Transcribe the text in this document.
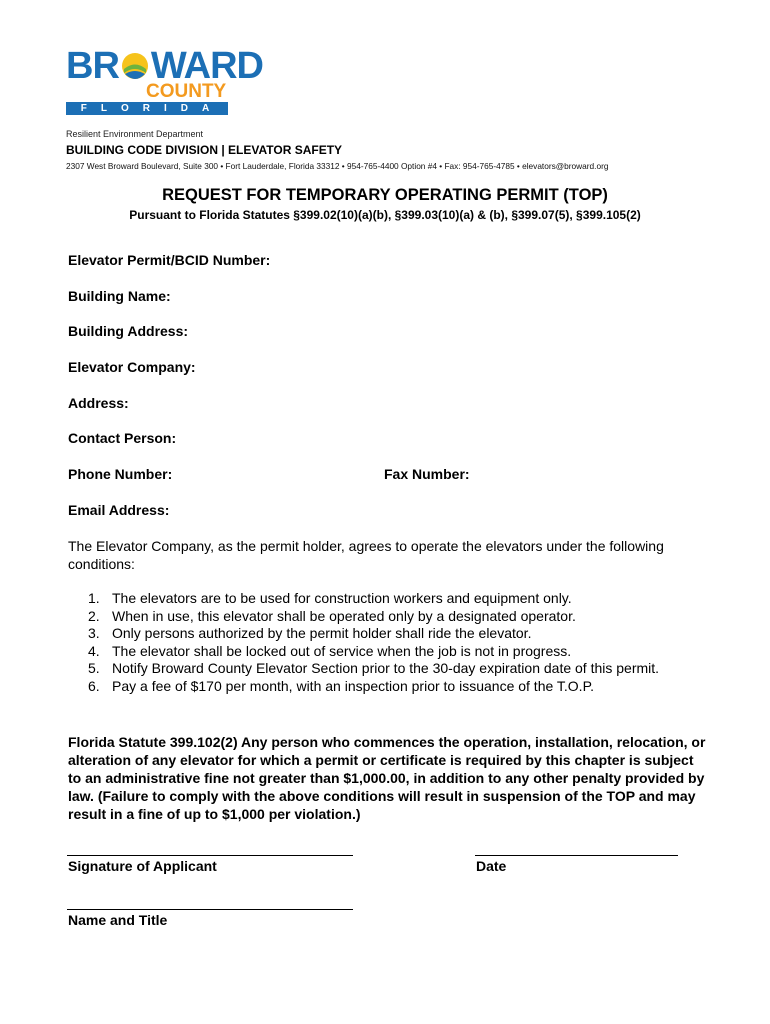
BR WARD
COUNTY
FLORIDA
Resilient Environment Department
BUILDING CODE DIVISION | ELEVATOR SAFETY
2307 West Broward Boulevard, Suite 300 • Fort Lauderdale, Florida 33312 • 954-765-4400 Option #4 • Fax: 954-765-4785 • elevators@broward.org
REQUEST FOR TEMPORARY OPERATING PERMIT (TOP)
Pursuant to Florida Statutes §399.02(10)(a)(b), §399.03(10)(a) & (b), §399.07(5), §399.105(2)
Elevator Permit/BCID Number:
Building Name:
Building Address:
Elevator Company:
Address:
Contact Person:
Phone Number:	Fax Number:
Email Address:
The Elevator Company, as the permit holder, agrees to operate the elevators under the following conditions:
1. The elevators are to be used for construction workers and equipment only.
2. When in use, this elevator shall be operated only by a designated operator.
3. Only persons authorized by the permit holder shall ride the elevator.
4. The elevator shall be locked out of service when the job is not in progress.
5. Notify Broward County Elevator Section prior to the 30-day expiration date of this permit.
6. Pay a fee of $170 per month, with an inspection prior to issuance of the T.O.P.
Florida Statute 399.102(2) Any person who commences the operation, installation, relocation, or alteration of any elevator for which a permit or certificate is required by this chapter is subject to an administrative fine not greater than $1,000.00, in addition to any other penalty provided by law. (Failure to comply with the above conditions will result in suspension of the TOP and may result in a fine of up to $1,000 per violation.)
Signature of Applicant	Date
Name and Title
